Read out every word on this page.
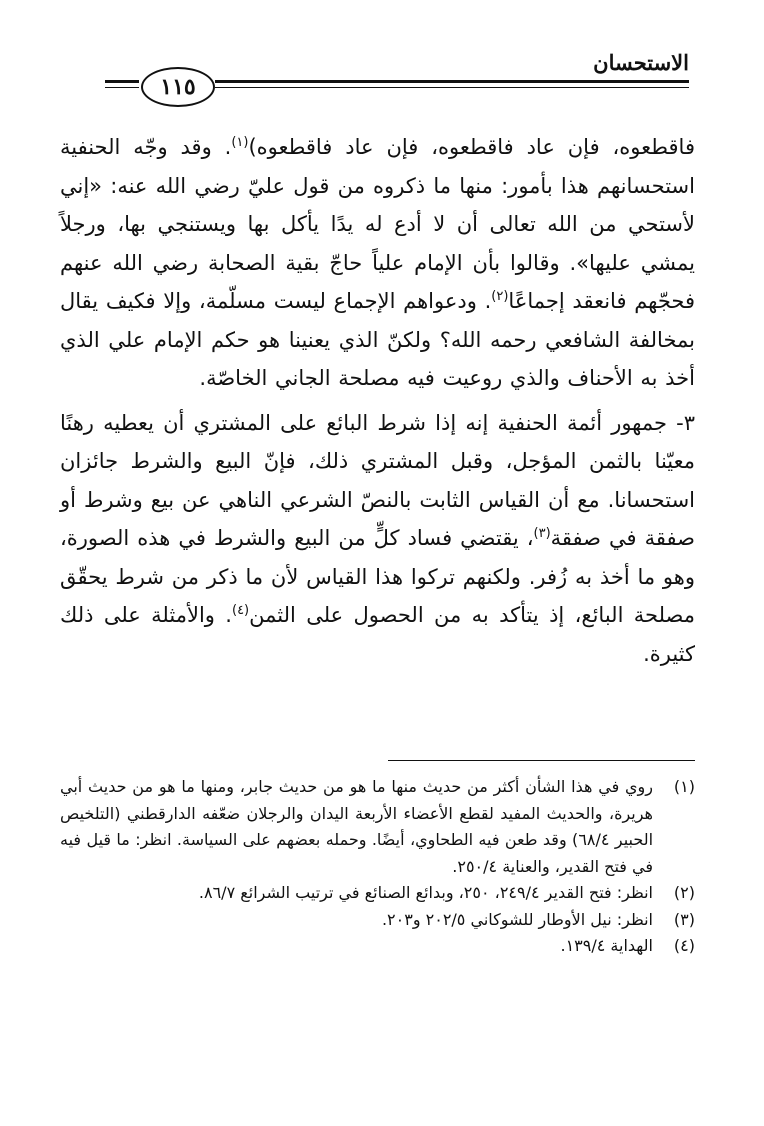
الاستحسان
١١٥

فاقطعوه، فإن عاد فاقطعوه، فإن عاد فاقطعوه)$^{(١)}$. وقد وجّه الحنفية استحسانهم هذا بأمور: منها ما ذكروه من قول عليّ رضي الله عنه: «إني لأستحي من الله تعالى أن لا أدع له يدًا يأكل بها ويستنجي بها، ورجلاً يمشي عليها». وقالوا بأن الإمام علياً حاجّ بقية الصحابة رضي الله عنهم فحجّهم فانعقد إجماعًا$^{(٢)}$. ودعواهم الإجماع ليست مسلّمة، وإلا فكيف يقال بمخالفة الشافعي رحمه الله؟ ولكنّ الذي يعنينا هو حكم الإمام علي الذي أخذ به الأحناف والذي روعيت فيه مصلحة الجاني الخاصّة.

٣- جمهور أئمة الحنفية إنه إذا شرط البائع على المشتري أن يعطيه رهنًا معيّنا بالثمن المؤجل، وقبل المشتري ذلك، فإنّ البيع والشرط جائزان استحسانا. مع أن القياس الثابت بالنصّ الشرعي الناهي عن بيع وشرط أو صفقة في صفقة$^{(٣)}$، يقتضي فساد كلٍّ من البيع والشرط في هذه الصورة، وهو ما أخذ به زُفر. ولكنهم تركوا هذا القياس لأن ما ذكر من شرط يحقّق مصلحة البائع، إذ يتأكد به من الحصول على الثمن$^{(٤)}$. والأمثلة على ذلك كثيرة.

(١)
روي في هذا الشأن أكثر من حديث منها ما هو من حديث جابر، ومنها ما هو من حديث أبي هريرة، والحديث المفيد لقطع الأعضاء الأربعة اليدان والرجلان ضعّفه الدارقطني (التلخيص الحبير ٦٨/٤) وقد طعن فيه الطحاوي، أيضًا. وحمله بعضهم على السياسة. انظر: ما قيل فيه في فتح القدير، والعناية ٢٥٠/٤.
(٢)
انظر: فتح القدير ٢٤٩/٤، ٢٥٠، وبدائع الصنائع في ترتيب الشرائع ٨٦/٧.
(٣)
انظر: نيل الأوطار للشوكاني ٢٠٢/٥ و٢٠٣.
(٤)
الهداية ١٣٩/٤.
